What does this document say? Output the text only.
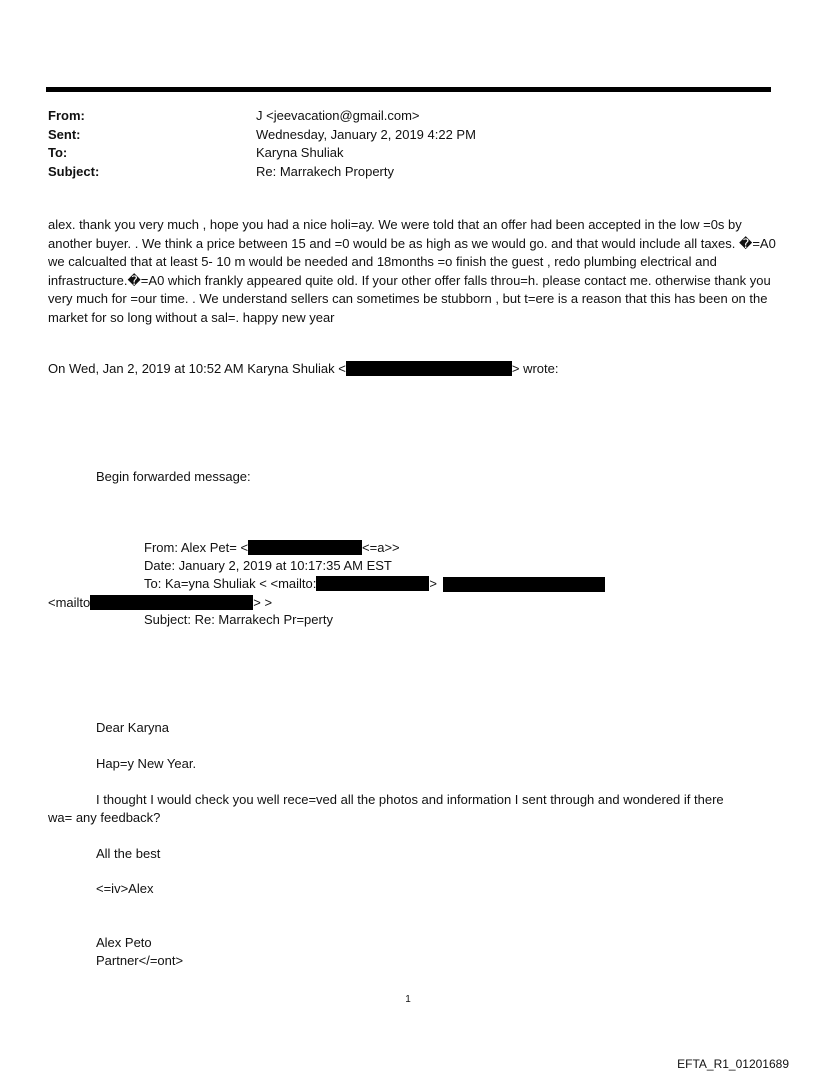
From:	J <jeevacation@gmail.com>
Sent:	Wednesday, January 2, 2019 4:22 PM
To:	Karyna Shuliak
Subject:	Re: Marrakech Property

alex. thank you very much , hope you had a nice holi=ay. We were told that an offer had been accepted in the low =0s by another buyer. . We think a price between 15 and =0 would be as high as we would go. and that would include all taxes. �=A0 we calcualted that at least 5- 10 m would be needed and 18months =o finish the guest , redo plumbing electrical and infrastructure.�=A0 which frankly appeared quite old. If your other offer falls throu=h. please contact me. otherwise thank you very much for =our time. . We understand sellers can sometimes be stubborn , but t=ere is a reason that this has been on the market for so long without a sal=. happy new year

On Wed, Jan 2, 2019 at 10:52 AM Karyna Shuliak <	> wrote:
Begin forwarded message:
From: Alex Pet= <	<=a>>
Date: January 2, 2019 at 10:17:35 AM EST
To: Ka=yna Shuliak < <mailto:	>
<mailto	> >
Subject: Re: Marrakech Pr=perty
Dear Karyna
Hap=y New Year.
I thought I would check you well rece=ved all the photos and information I sent through and wondered if there
wa= any feedback?
All the best
<=iv>Alex
Alex Peto
Partner</=ont>
1
EFTA_R1_01201689
